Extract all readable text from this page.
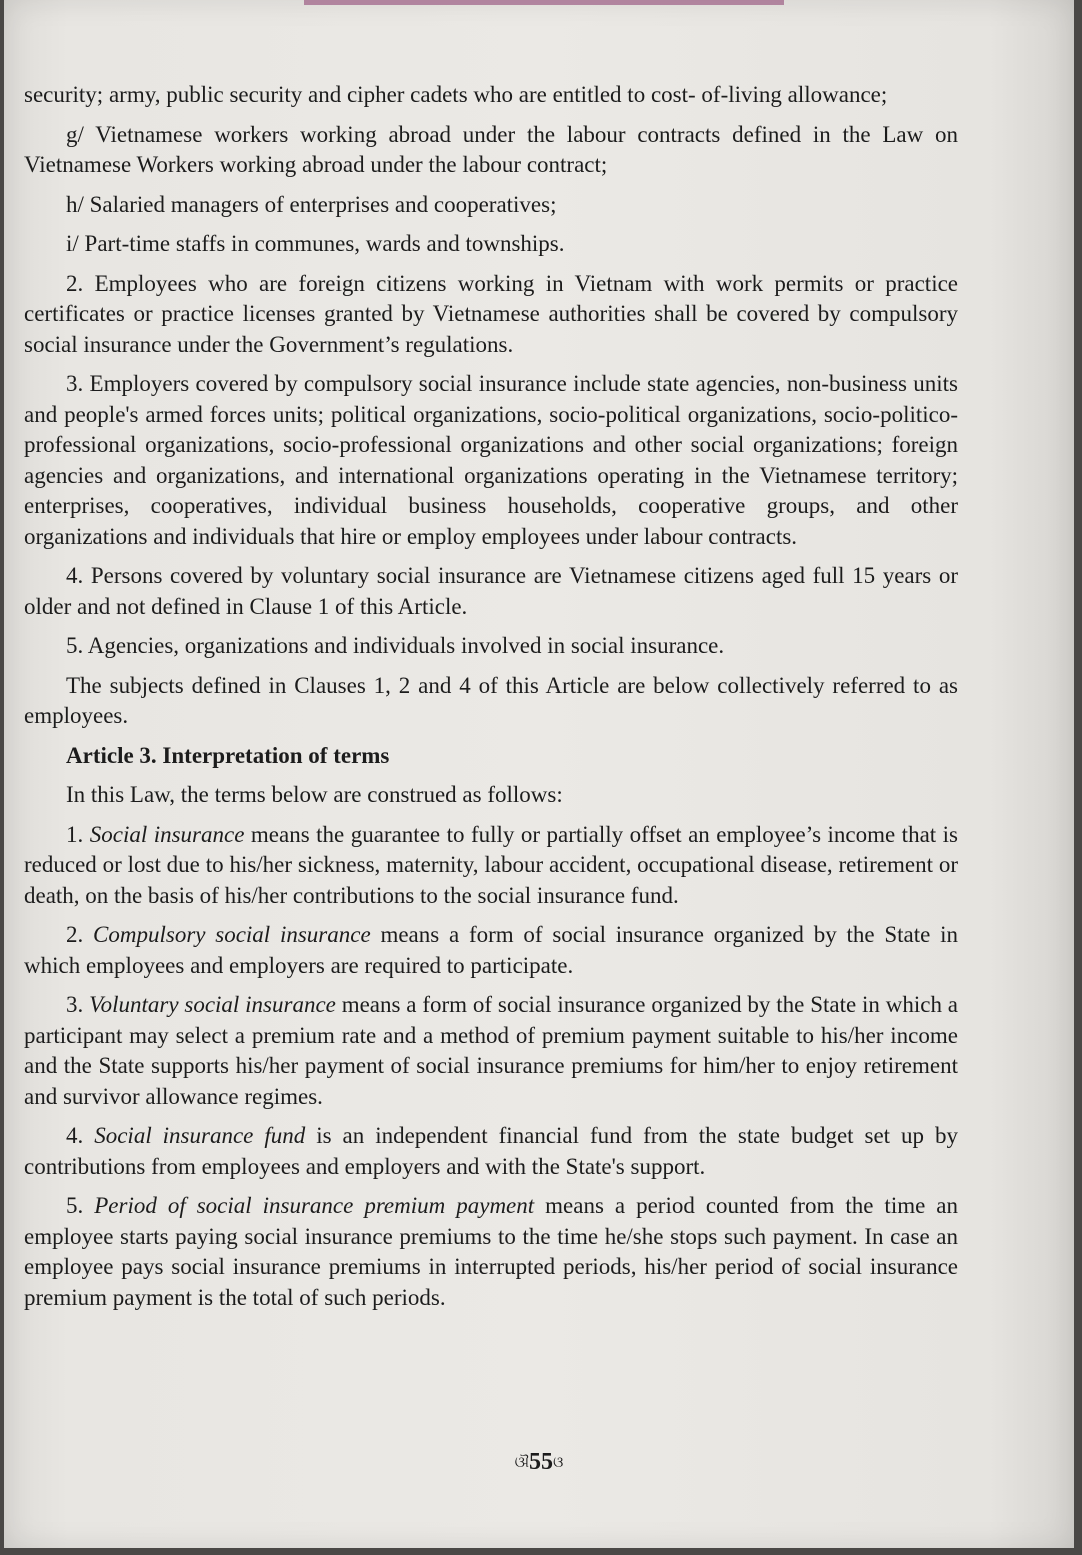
security; army, public security and cipher cadets who are entitled to cost- of-living allowance;

g/ Vietnamese workers working abroad under the labour contracts defined in the Law on Vietnamese Workers working abroad under the labour contract;

h/ Salaried managers of enterprises and cooperatives;

i/ Part-time staffs in communes, wards and townships.

2. Employees who are foreign citizens working in Vietnam with work permits or practice certificates or practice licenses granted by Vietnamese authorities shall be covered by compulsory social insurance under the Government’s regulations.

3. Employers covered by compulsory social insurance include state agencies, non-business units and people's armed forces units; political organizations, socio-political organizations, socio-politico-professional organizations, socio-professional organizations and other social organizations; foreign agencies and organizations, and international organizations operating in the Vietnamese territory; enterprises, cooperatives, individual business households, cooperative groups, and other organizations and individuals that hire or employ employees under labour contracts.

4. Persons covered by voluntary social insurance are Vietnamese citizens aged full 15 years or older and not defined in Clause 1 of this Article.

5. Agencies, organizations and individuals involved in social insurance.

The subjects defined in Clauses 1, 2 and 4 of this Article are below collectively referred to as employees.

Article 3. Interpretation of terms

In this Law, the terms below are construed as follows:

1. Social insurance means the guarantee to fully or partially offset an employee’s income that is reduced or lost due to his/her sickness, maternity, labour accident, occupational disease, retirement or death, on the basis of his/her contributions to the social insurance fund.

2. Compulsory social insurance means a form of social insurance organized by the State in which employees and employers are required to participate.

3. Voluntary social insurance means a form of social insurance organized by the State in which a participant may select a premium rate and a method of premium payment suitable to his/her income and the State supports his/her payment of social insurance premiums for him/her to enjoy retirement and survivor allowance regimes.

4. Social insurance fund is an independent financial fund from the state budget set up by contributions from employees and employers and with the State's support.

5. Period of social insurance premium payment means a period counted from the time an employee starts paying social insurance premiums to the time he/she stops such payment. In case an employee pays social insurance premiums in interrupted periods, his/her period of social insurance premium payment is the total of such periods.

ଔ55ଓ
